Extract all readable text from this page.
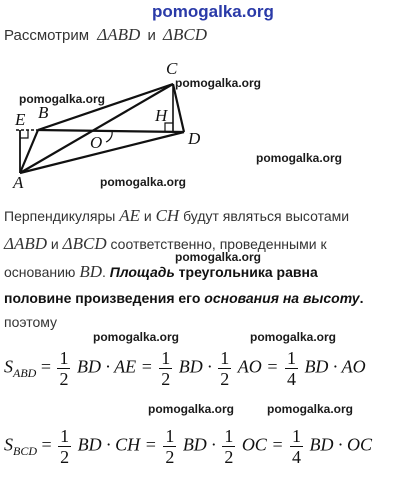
pomogalka.org
Рассмотрим ΔABD и ΔBCD
A
B
C
D
E	H
O
pomogalka.org
pomogalka.org
pomogalka.org
pomogalka.org
Перпендикуляры AE и CH будут являться высотами
ΔABD и ΔBCD соответственно, проведенными к
pomogalka.org
основанию BD. Площадь треугольника равна
половине произведения его основания на высоту.
поэтому
pomogalka.org	pomogalka.org
$S_{ABD} = \frac{1}{2}$ BD · AE = $\frac{1}{2}$ BD · $\frac{1}{2}$ AO = $\frac{1}{4}$ BD · AO
pomogalka.org	pomogalka.org
$S_{BCD} = \frac{1}{2}$ BD · CH = $\frac{1}{2}$ BD · $\frac{1}{2}$ OC = $\frac{1}{4}$ BD · OC
